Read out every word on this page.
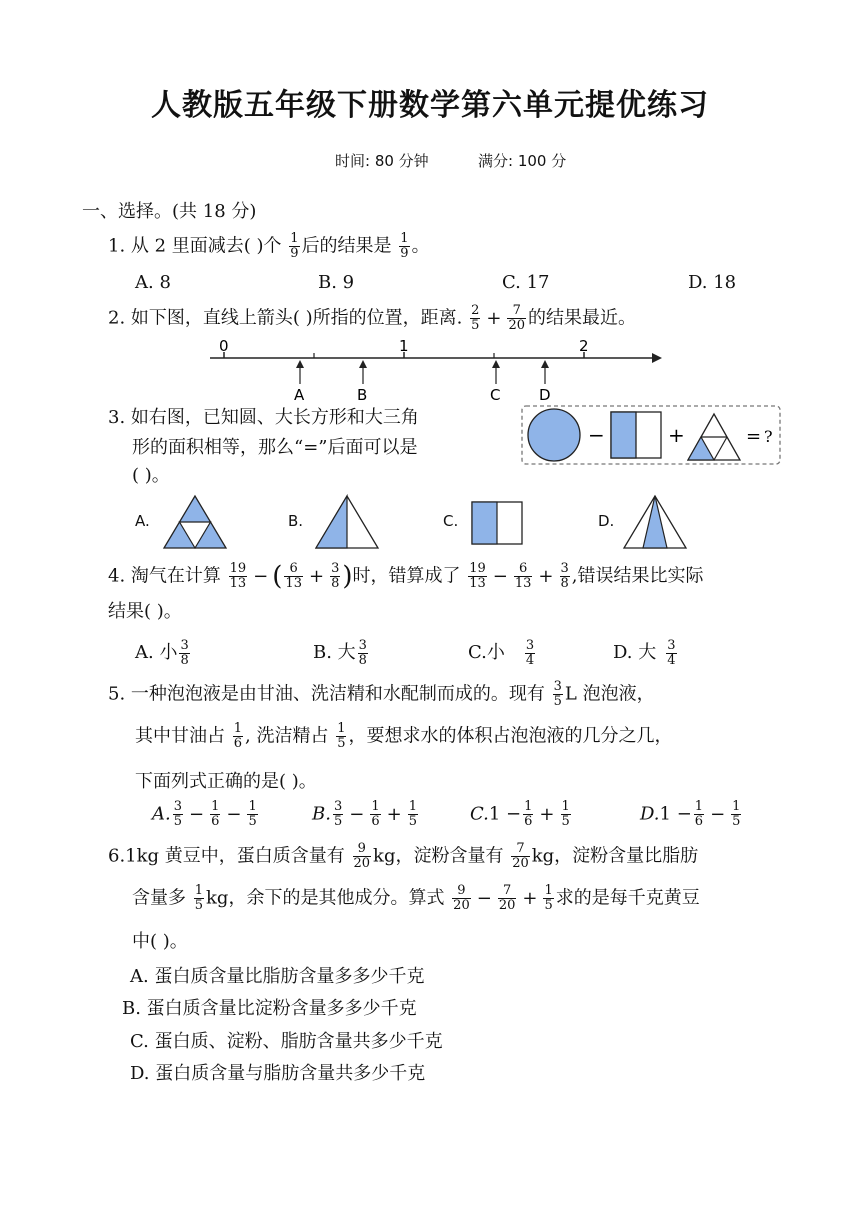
人教版五年级下册数学第六单元提优练习
时间: 80 分钟	满分: 100 分
一、选择。(共 18 分)
1. 从 2 里面减去( )个 $\frac{1}{9}$ 后的结果是 $\frac{1}{9}$ 。
A. 8	B. 9	C. 17	D. 18
2. 如下图，直线上箭头( )所指的位置，距离. $\frac{2}{5} + \frac{7}{20}$ 的结果最近。
0	1	2
A	B	C	D
3. 如右图，已知圆、大长方形和大三角
形的面积相等，那么“=”后面可以是
( )。
−	+	= ?
A.	B.	C.	D.
4. 淘气在计算 $\frac{19}{13}$ − ( $\frac{6}{13} + \frac{3}{8}$ )时，错算成了 $\frac{19}{13} - \frac{6}{13} + \frac{3}{8}$ ,错误结果比实际
结果( )。
A. 小 $\frac{3}{8}$	B. 大 $\frac{3}{8}$	C.小 $\frac{3}{4}$	D. 大 $\frac{3}{4}$
5. 一种泡泡液是由甘油、洗洁精和水配制而成的。现有 $\frac{3}{5}$ L 泡泡液，
其中甘油占 $\frac{1}{6}$ , 洗洁精占 $\frac{1}{5}$ ，要想求水的体积占泡泡液的几分之几，
下面列式正确的是( )。
A. $\frac{3}{5} - \frac{1}{6} - \frac{1}{5}$	B. $\frac{3}{5} - \frac{1}{6} + \frac{1}{5}$	$C.1 - \frac{1}{6} + \frac{1}{5}$	$D.1 - \frac{1}{6} - \frac{1}{5}$
6.1kg 黄豆中，蛋白质含量有 $\frac{9}{20}$ kg，淀粉含量有 $\frac{7}{20}$ kg，淀粉含量比脂肪
含量多 $\frac{1}{5}$ kg，余下的是其他成分。算式 $\frac{9}{20} - \frac{7}{20} + \frac{1}{5}$ 求的是每千克黄豆
中( )。
A. 蛋白质含量比脂肪含量多多少千克
B. 蛋白质含量比淀粉含量多多少千克
C. 蛋白质、淀粉、脂肪含量共多少千克
D. 蛋白质含量与脂肪含量共多少千克
